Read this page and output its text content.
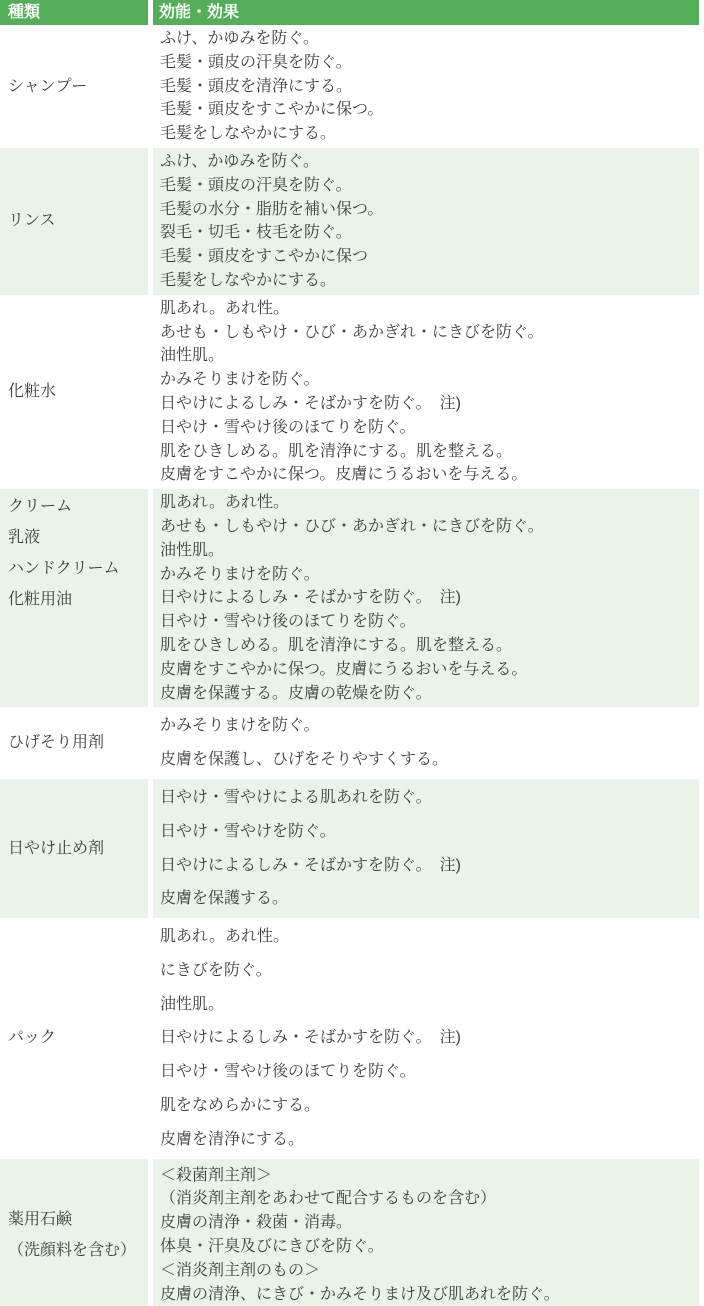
種類	効能・効果
シャンプー
ふけ、かゆみを防ぐ。
毛髪・頭皮の汗臭を防ぐ。
毛髪・頭皮を清浄にする。
毛髪・頭皮をすこやかに保つ。
毛髪をしなやかにする。
リンス
ふけ、かゆみを防ぐ。
毛髪・頭皮の汗臭を防ぐ。
毛髪の水分・脂肪を補い保つ。
裂毛・切毛・枝毛を防ぐ。
毛髪・頭皮をすこやかに保つ
毛髪をしなやかにする。
化粧水
肌あれ。あれ性。
あせも・しもやけ・ひび・あかぎれ・にきびを防ぐ。
油性肌。
かみそりまけを防ぐ。
日やけによるしみ・そばかすを防ぐ。　注)
日やけ・雪やけ後のほてりを防ぐ。
肌をひきしめる。肌を清浄にする。肌を整える。
皮膚をすこやかに保つ。皮膚にうるおいを与える。
クリーム
乳液
ハンドクリーム
化粧用油
肌あれ。あれ性。
あせも・しもやけ・ひび・あかぎれ・にきびを防ぐ。
油性肌。
かみそりまけを防ぐ。
日やけによるしみ・そばかすを防ぐ。　注)
日やけ・雪やけ後のほてりを防ぐ。
肌をひきしめる。肌を清浄にする。肌を整える。
皮膚をすこやかに保つ。皮膚にうるおいを与える。
皮膚を保護する。皮膚の乾燥を防ぐ。
ひげそり用剤
かみそりまけを防ぐ。
皮膚を保護し、ひげをそりやすくする。
日やけ止め剤
日やけ・雪やけによる肌あれを防ぐ。
日やけ・雪やけを防ぐ。
日やけによるしみ・そばかすを防ぐ。　注)
皮膚を保護する。
パック
肌あれ。あれ性。
にきびを防ぐ。
油性肌。
日やけによるしみ・そばかすを防ぐ。　注)
日やけ・雪やけ後のほてりを防ぐ。
肌をなめらかにする。
皮膚を清浄にする。
薬用石鹸
（洗顔料を含む）
＜殺菌剤主剤＞
（消炎剤主剤をあわせて配合するものを含む）
皮膚の清浄・殺菌・消毒。
体臭・汗臭及びにきびを防ぐ。
＜消炎剤主剤のもの＞
皮膚の清浄、にきび・かみそりまけ及び肌あれを防ぐ。
